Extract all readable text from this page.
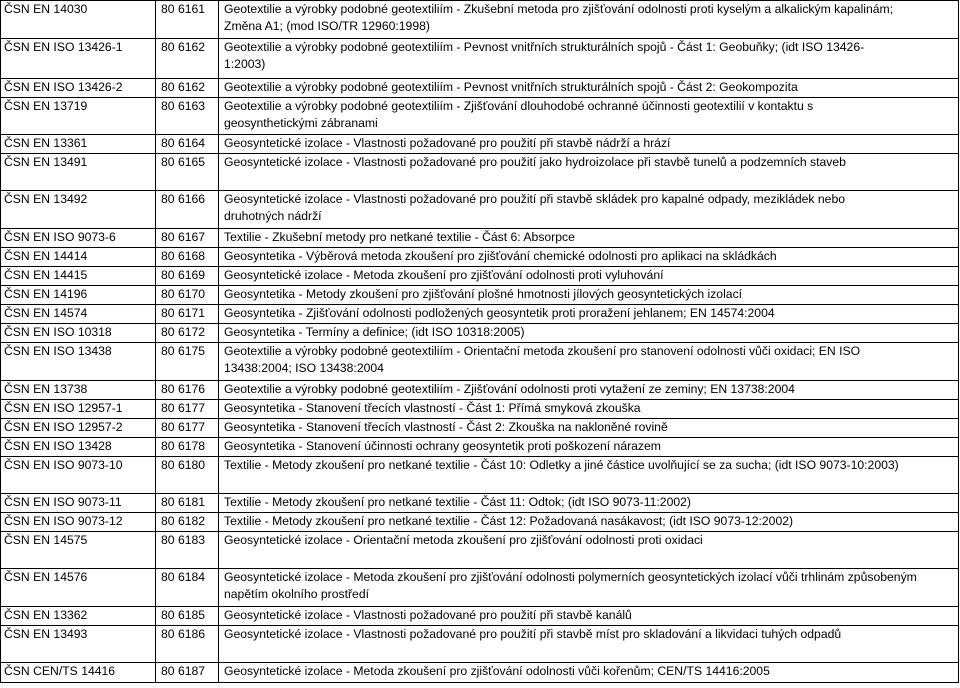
ČSN EN 14030	80 6161	Geotextilie a výrobky podobné geotextiliím - Zkušební metoda pro zjišťování odolnosti proti kyselým a alkalickým kapalinám;
Změna A1; (mod ISO/TR 12960:1998)

ČSN EN ISO 13426-1	80 6162	Geotextilie a výrobky podobné geotextiliím - Pevnost vnitřních strukturálních spojů - Část 1: Geobuňky; (idt ISO 13426-
1:2003)

ČSN EN ISO 13426-2	80 6162	Geotextilie a výrobky podobné geotextiliím - Pevnost vnitřních strukturálních spojů - Část 2: Geokompozita

ČSN EN 13719	80 6163	Geotextilie a výrobky podobné geotextiliím - Zjišťování dlouhodobé ochranné účinnosti geotextilií v kontaktu s
geosynthetickými zábranami

ČSN EN 13361	80 6164	Geosyntetické izolace - Vlastnosti požadované pro použití při stavbě nádrží a hrází

ČSN EN 13491	80 6165	Geosyntetické izolace - Vlastnosti požadované pro použití jako hydroizolace při stavbě tunelů a podzemních staveb

ČSN EN 13492	80 6166	Geosyntetické izolace - Vlastnosti požadované pro použití při stavbě skládek pro kapalné odpady, mezikládek nebo
druhotných nádrží

ČSN EN ISO 9073-6	80 6167	Textilie - Zkušební metody pro netkané textilie - Část 6: Absorpce

ČSN EN 14414	80 6168	Geosyntetika - Výběrová metoda zkoušení pro zjišťování chemické odolnosti pro aplikaci na skládkách

ČSN EN 14415	80 6169	Geosyntetické izolace - Metoda zkoušení pro zjišťování odolnosti proti vyluhování

ČSN EN 14196	80 6170	Geosyntetika - Metody zkoušení pro zjišťování plošné hmotnosti jílových geosyntetických izolací

ČSN EN 14574	80 6171	Geosyntetika - Zjišťování odolnosti podložených geosyntetik proti proražení jehlanem; EN 14574:2004

ČSN EN ISO 10318	80 6172	Geosyntetika - Termíny a definice; (idt ISO 10318:2005)

ČSN EN ISO 13438	80 6175	Geotextilie a výrobky podobné geotextiliím - Orientační metoda zkoušení pro stanovení odolnosti vůči oxidaci; EN ISO
13438:2004; ISO 13438:2004

ČSN EN 13738	80 6176	Geotextilie a výrobky podobné geotextiliím - Zjišťování odolnosti proti vytažení ze zeminy; EN 13738:2004

ČSN EN ISO 12957-1	80 6177	Geosyntetika - Stanovení třecích vlastností - Část 1: Přímá smyková zkouška

ČSN EN ISO 12957-2	80 6177	Geosyntetika - Stanovení třecích vlastností - Část 2: Zkouška na nakloněné rovině

ČSN EN ISO 13428	80 6178	Geosyntetika - Stanovení účinnosti ochrany geosyntetik proti poškození nárazem

ČSN EN ISO 9073-10	80 6180	Textilie - Metody zkoušení pro netkané textilie - Část 10: Odletky a jiné částice uvolňující se za sucha; (idt ISO 9073-10:2003)

ČSN EN ISO 9073-11	80 6181	Textilie - Metody zkoušení pro netkané textilie - Část 11: Odtok; (idt ISO 9073-11:2002)

ČSN EN ISO 9073-12	80 6182	Textilie - Metody zkoušení pro netkané textilie - Část 12: Požadovaná nasákavost; (idt ISO 9073-12:2002)

ČSN EN 14575	80 6183	Geosyntetické izolace - Orientační metoda zkoušení pro zjišťování odolnosti proti oxidaci

ČSN EN 14576	80 6184	Geosyntetické izolace - Metoda zkoušení pro zjišťování odolnosti polymerních geosyntetických izolací vůči trhlinám způsobeným
napětím okolního prostředí

ČSN EN 13362	80 6185	Geosyntetické izolace - Vlastnosti požadované pro použití při stavbě kanálů

ČSN EN 13493	80 6186	Geosyntetické izolace - Vlastnosti požadované pro použití při stavbě míst pro skladování a likvidaci tuhých odpadů

ČSN CEN/TS 14416	80 6187	Geosyntetické izolace - Metoda zkoušení pro zjišťování odolnosti vůči kořenům; CEN/TS 14416:2005
